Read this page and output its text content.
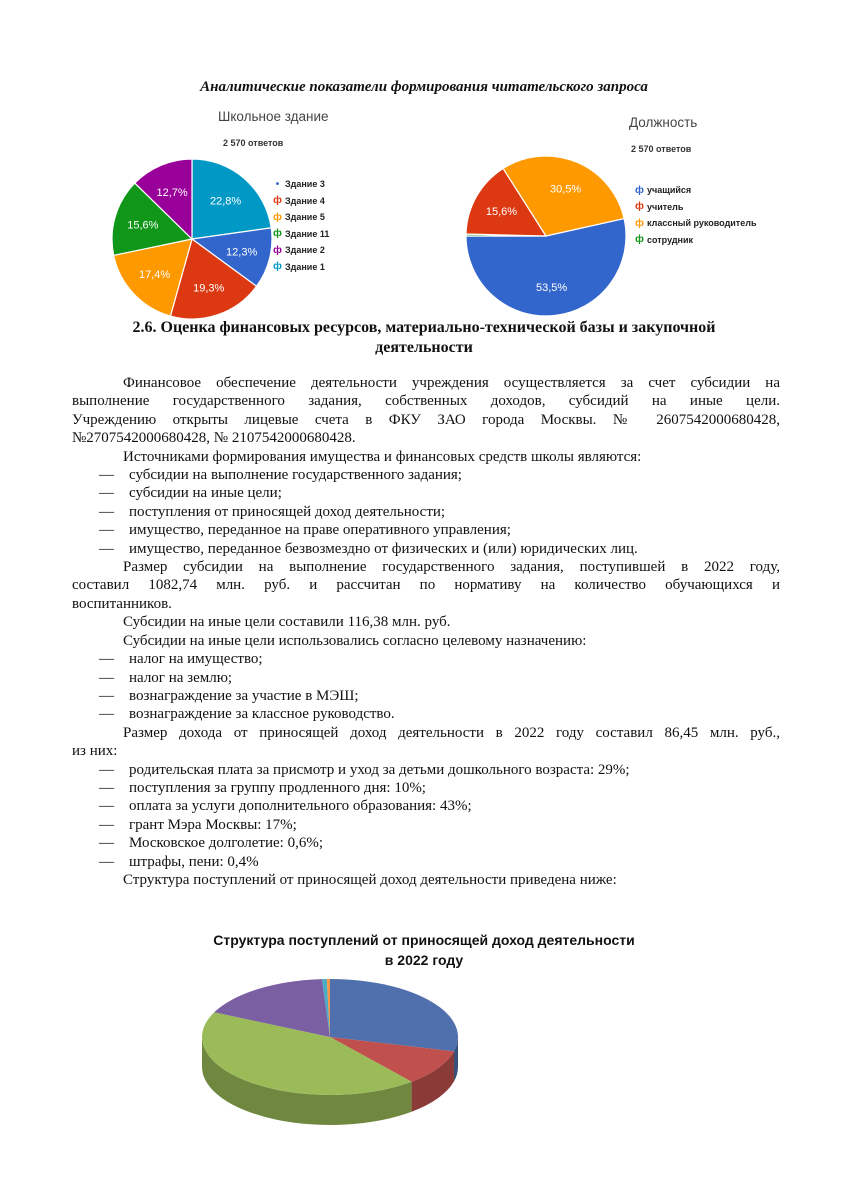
Аналитические показатели формирования читательского запроса
Школьное здание
2 570 ответов
22,8%
12,3%
19,3%
17,4%
15,6%
12,7%
• Здание 3
ф Здание 4
ф Здание 5
ф Здание 11
ф Здание 2
ф Здание 1
Должность
2 570 ответов
53,5%
15,6%
30,5%	ф учащийся
ф учитель
ф классный руководитель
ф сотрудник
2.6. Оценка финансовых ресурсов, материально-технической базы и закупочной
деятельности

Финансовое обеспечение деятельности учреждения осуществляется за счет субсидии на

выполнение государственного задания, собственных доходов, субсидий на иные цели.

Учреждению открыты лицевые счета в ФКУ ЗАО города Москвы. № 2607542000680428,

№2707542000680428, № 2107542000680428.

Источниками формирования имущества и финансовых средств школы являются:

— субсидии на выполнение государственного задания;

— субсидии на иные цели;

— поступления от приносящей доход деятельности;

— имущество, переданное на праве оперативного управления;

— имущество, переданное безвозмездно от физических и (или) юридических лиц.

Размер субсидии на выполнение государственного задания, поступившей в 2022 году,

составил 1082,74 млн. руб. и рассчитан по нормативу на количество обучающихся и

воспитанников.

Субсидии на иные цели составили 116,38 млн. руб.

Субсидии на иные цели использовались согласно целевому назначению:

— налог на имущество;

— налог на землю;

— вознаграждение за участие в МЭШ;

— вознаграждение за классное руководство.

Размер дохода от приносящей доход деятельности в 2022 году составил 86,45 млн. руб.,

из них:

— родительская плата за присмотр и уход за детьми дошкольного возраста: 29%;

— поступления за группу продленного дня: 10%;

— оплата за услуги дополнительного образования: 43%;

— грант Мэра Москвы: 17%;

— Московское долголетие: 0,6%;

— штрафы, пени: 0,4%

Структура поступлений от приносящей доход деятельности приведена ниже:

Структура поступлений от приносящей доход деятельности
в 2022 году
